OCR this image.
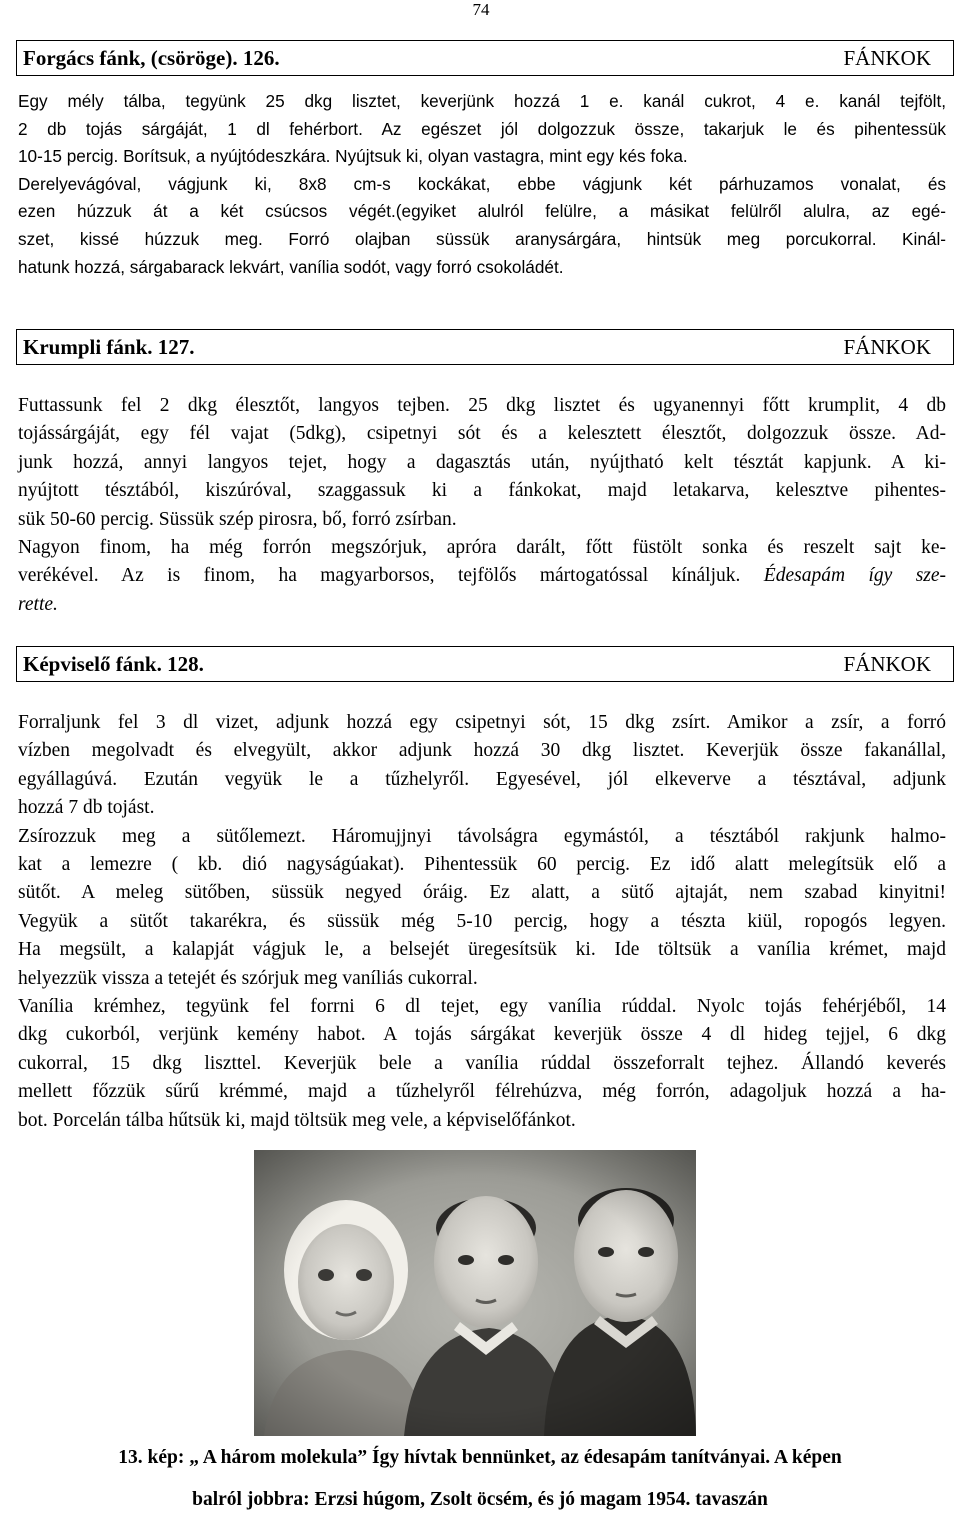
74
Forgács fánk, (csöröge). 126.	FÁNKOK
Egy mély tálba, tegyünk 25 dkg lisztet, keverjünk hozzá 1 e. kanál cukrot, 4 e. kanál tejfölt,
2 db tojás sárgáját, 1 dl fehérbort. Az egészet jól dolgozzuk össze, takarjuk le és pihentessük
10-15 percig. Borítsuk, a nyújtódeszkára. Nyújtsuk ki, olyan vastagra, mint egy kés foka.
Derelyevágóval, vágjunk ki, 8x8 cm-s kockákat, ebbe vágjunk két párhuzamos vonalat, és
ezen húzzuk át a két csúcsos végét.(egyiket alulról felülre, a másikat felülről alulra, az egé-
szet, kissé húzzuk meg. Forró olajban süssük aranysárgára, hintsük meg porcukorral. Kinál-
hatunk hozzá, sárgabarack lekvárt, vanília sodót, vagy forró csokoládét.
Krumpli fánk. 127.	FÁNKOK
Futtassunk fel 2 dkg élesztőt, langyos tejben. 25 dkg lisztet és ugyanennyi főtt krumplit, 4 db
tojássárgáját, egy fél vajat (5dkg), csipetnyi sót és a kelesztett élesztőt, dolgozzuk össze. Ad-
junk hozzá, annyi langyos tejet, hogy a dagasztás után, nyújtható kelt tésztát kapjunk. A ki-
nyújtott tésztából, kiszúróval, szaggassuk ki a fánkokat, majd letakarva, kelesztve pihentes-
sük 50-60 percig. Süssük szép pirosra, bő, forró zsírban.
Nagyon finom, ha még forrón megszórjuk, apróra darált, főtt füstölt sonka és reszelt sajt ke-
verékével. Az is finom, ha magyarborsos, tejfölős mártogatóssal kínáljuk. Édesapám így sze-
rette.
Képviselő fánk. 128.	FÁNKOK
Forraljunk fel 3 dl vizet, adjunk hozzá egy csipetnyi sót, 15 dkg zsírt. Amikor a zsír, a forró
vízben megolvadt és elvegyült, akkor adjunk hozzá 30 dkg lisztet. Keverjük össze fakanállal,
egyállagúvá. Ezután vegyük le a tűzhelyről. Egyesével, jól elkeverve a tésztával, adjunk
hozzá 7 db tojást.
Zsírozzuk meg a sütőlemezt. Háromujjnyi távolságra egymástól, a tésztából rakjunk halmo-
kat a lemezre ( kb. dió nagyságúakat). Pihentessük 60 percig. Ez idő alatt melegítsük elő a
sütőt. A meleg sütőben, süssük negyed óráig. Ez alatt, a sütő ajtaját, nem szabad kinyitni!
Vegyük a sütőt takarékra, és süssük még 5-10 percig, hogy a tészta kiül, ropogós legyen.
Ha megsült, a kalapját vágjuk le, a belsejét üregesítsük ki. Ide töltsük a vanília krémet, majd
helyezzük vissza a tetejét és szórjuk meg vaníliás cukorral.
Vanília krémhez, tegyünk fel forrni 6 dl tejet, egy vanília rúddal. Nyolc tojás fehérjéből, 14
dkg cukorból, verjünk kemény habot. A tojás sárgákat keverjük össze 4 dl hideg tejjel, 6 dkg
cukorral, 15 dkg liszttel. Keverjük bele a vanília rúddal összeforralt tejhez. Állandó keverés
mellett főzzük sűrű krémmé, majd a tűzhelyről félrehúzva, még forrón, adagoljuk hozzá a ha-
bot. Porcelán tálba hűtsük ki, majd töltsük meg vele, a képviselőfánkot.

13. kép: „ A három molekula” Így hívtak bennünket, az édesapám tanítványai. A képen

balról jobbra: Erzsi húgom, Zsolt öcsém, és jó magam 1954. tavaszán
